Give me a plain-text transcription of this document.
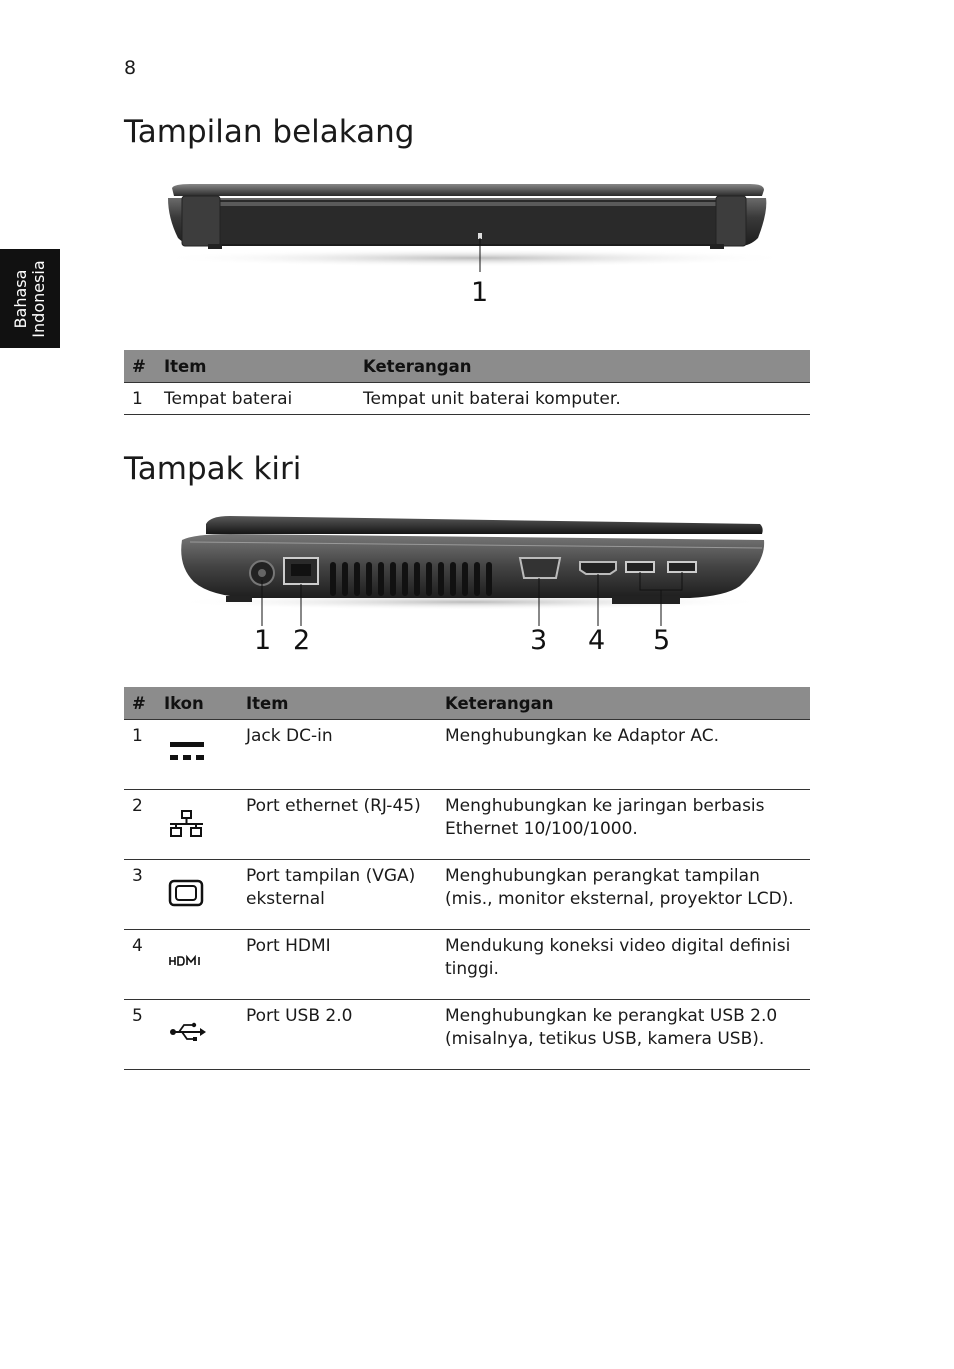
8
Bahasa Indonesia
Tampilan belakang
1
#	Item	Keterangan
1	Tempat baterai	Tempat unit baterai komputer.
Tampak kiri
1 2	3 4 5
#	Ikon	Item	Keterangan
1		Jack DC-in	Menghubungkan ke Adaptor AC.
2		Port ethernet (RJ-45)	Menghubungkan ke jaringan berbasis Ethernet 10/100/1000.
3		Port tampilan (VGA) eksternal	Menghubungkan perangkat tampilan (mis., monitor eksternal, proyektor LCD).
4		Port HDMI	Mendukung koneksi video digital definisi tinggi.
5		Port USB 2.0	Menghubungkan ke perangkat USB 2.0 (misalnya, tetikus USB, kamera USB).
